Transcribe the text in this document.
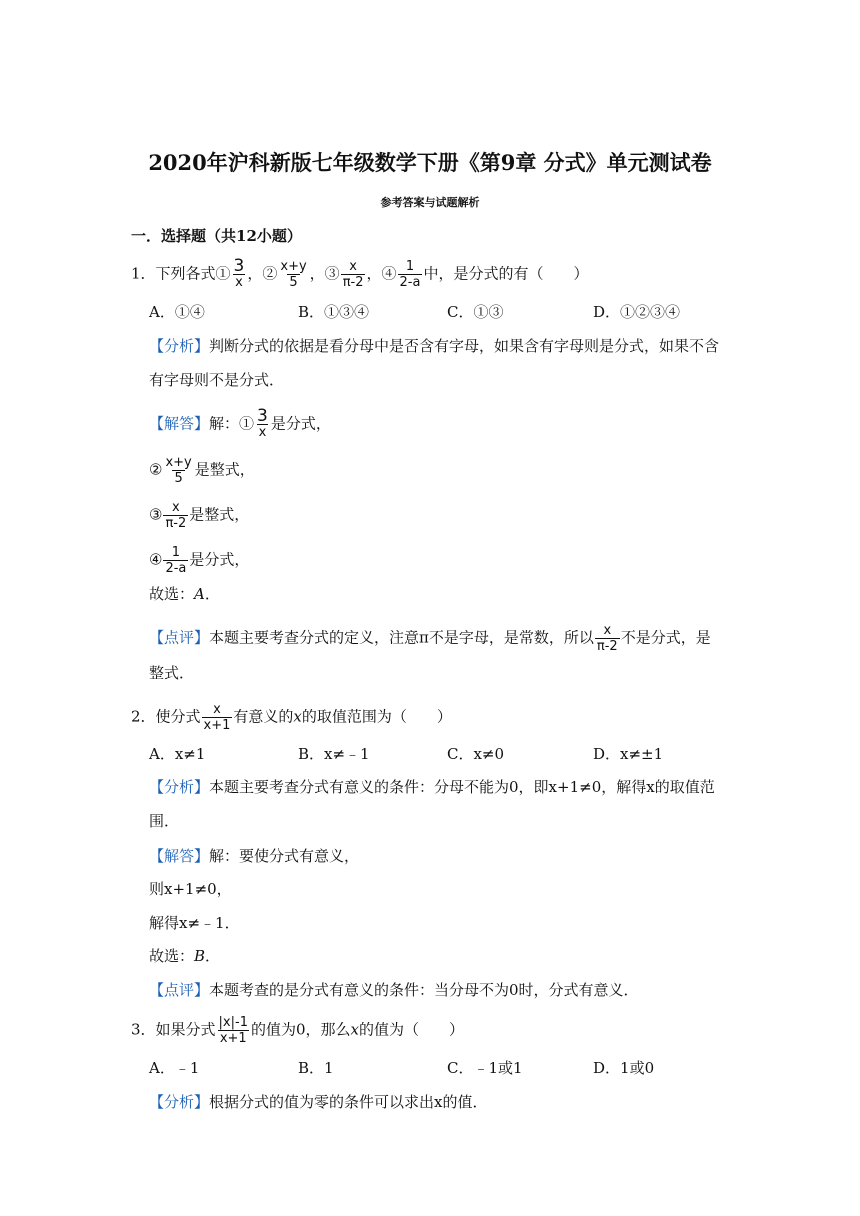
2020年沪科新版七年级数学下册《第9章 分式》单元测试卷
参考答案与试题解析
一．选择题（共12小题）
1．下列各式① $\frac{3}{x}$ ，② $\frac{x+y}{5}$ ，③ $\frac{x}{\pi-2}$ ，④ $\frac{1}{2-a}$ 中，是分式的有（　　）
A．①④	B．①③④	C．①③	D．①②③④
【分析】判断分式的依据是看分母中是否含有字母，如果含有字母则是分式，如果不含
有字母则不是分式．
【解答】解：① $\frac{3}{x}$ 是分式，
② $\frac{x+y}{5}$ 是整式，
③ $\frac{x}{\pi-2}$ 是整式，
④ $\frac{1}{2-a}$ 是分式，
故选：A．
【点评】本题主要考查分式的定义，注意π不是字母，是常数，所以 $\frac{x}{\pi-2}$ 不是分式，是
整式．
2．使分式 $\frac{x}{x+1}$ 有意义的x的取值范围为（　　）
A．x≠1	B．x≠﹣1	C．x≠0	D．x≠±1
【分析】本题主要考查分式有意义的条件：分母不能为0，即x+1≠0，解得x的取值范
围．
【解答】解：要使分式有意义，
则x+1≠0，
解得x≠﹣1．
故选：B．
【点评】本题考查的是分式有意义的条件：当分母不为0时，分式有意义．
3．如果分式 $\frac{|x|-1}{x+1}$ 的值为0，那么x的值为（　　）
A．﹣1	B．1	C．﹣1或1	D．1或0
【分析】根据分式的值为零的条件可以求出x的值．
